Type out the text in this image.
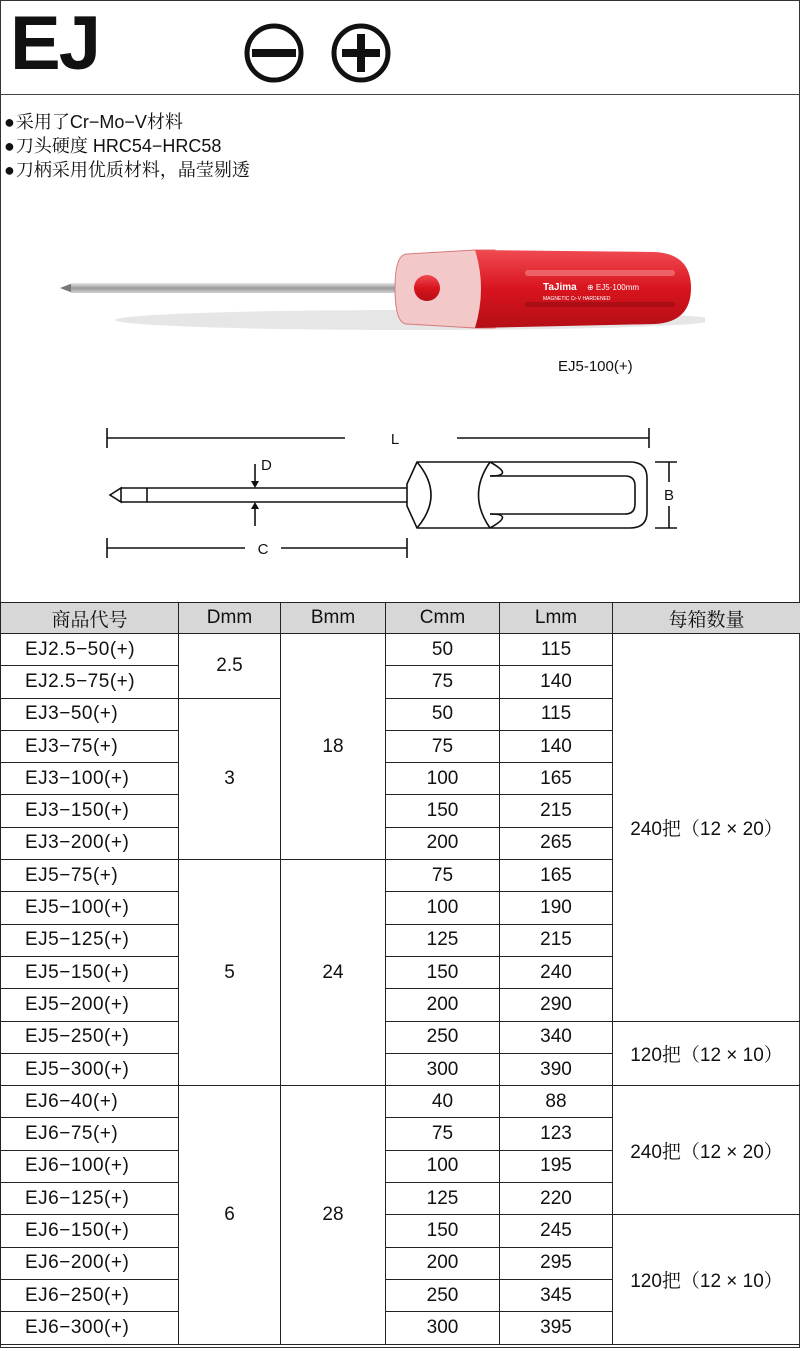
EJ
● 采用了Cr−Mo−V材料
● 刀头硬度 HRC54−HRC58
● 刀柄采用优质材料，晶莹剔透
TaJima ⊕ EJ5·100mm
MAGNETIC Cr-V HARDENED
EJ5-100(+)
L
D
B
C
商品代号	Dmm	Bmm	Cmm	Lmm	每箱数量
EJ2.5−50(+)	2.5	18	50	115	240把（12 × 20）
EJ2.5−75(+)			75	140	
EJ3−50(+)	3		50	115	
EJ3−75(+)			75	140	
EJ3−100(+)			100	165	
EJ3−150(+)			150	215	
EJ3−200(+)			200	265	
EJ5−75(+)	5	24	75	165	
EJ5−100(+)			100	190	
EJ5−125(+)			125	215	
EJ5−150(+)			150	240	
EJ5−200(+)			200	290	
EJ5−250(+)			250	340	120把（12 × 10）
EJ5−300(+)			300	390	
EJ6−40(+)	6	28	40	88	240把（12 × 20）
EJ6−75(+)			75	123	
EJ6−100(+)			100	195	
EJ6−125(+)			125	220	
EJ6−150(+)			150	245	120把（12 × 10）
EJ6−200(+)			200	295	
EJ6−250(+)			250	345	
EJ6−300(+)			300	395	
